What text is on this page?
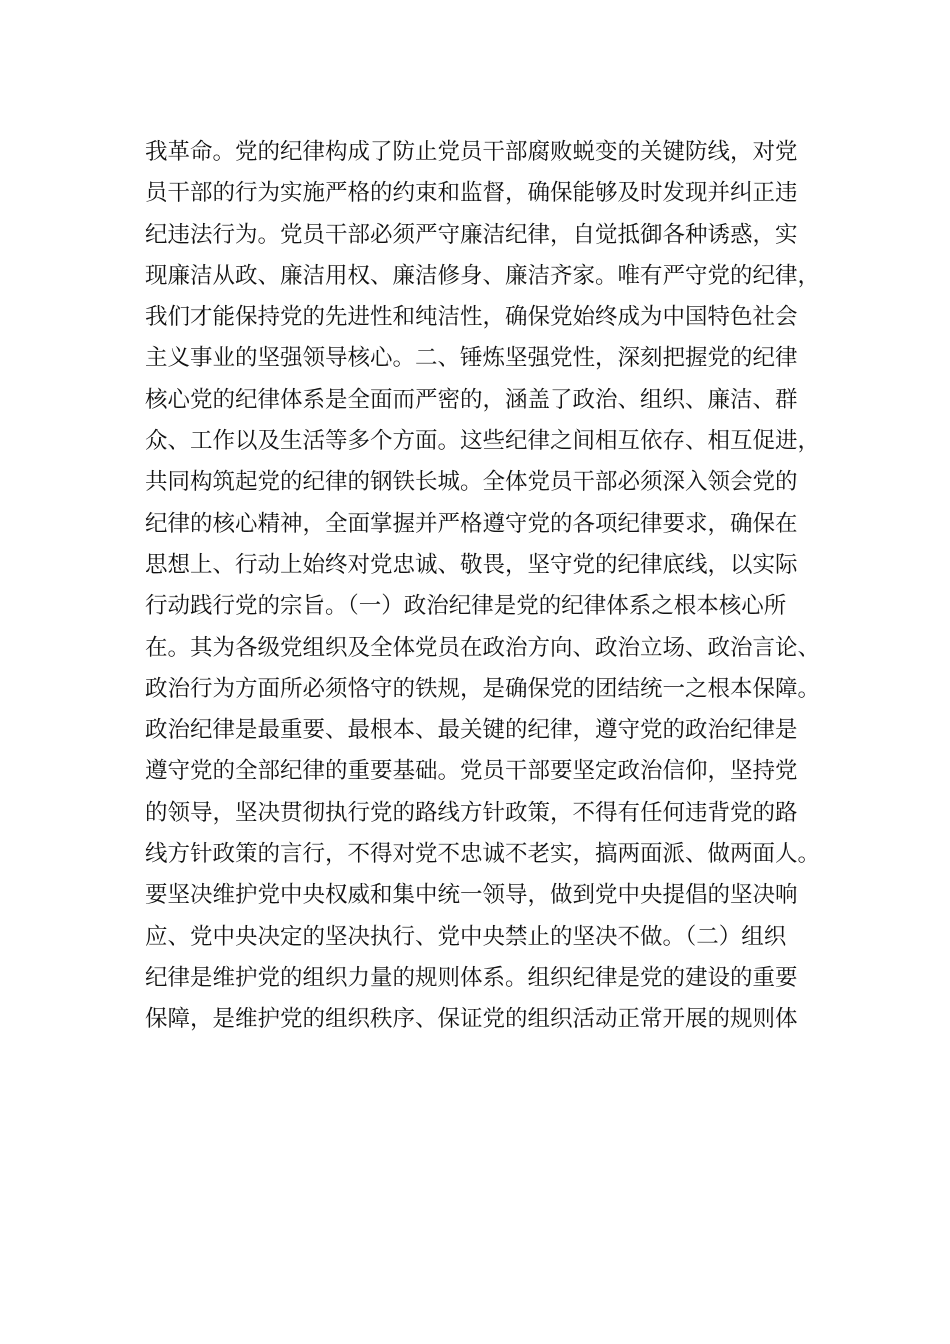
我革命。党的纪律构成了防止党员干部腐败蜕变的关键防线，对党
员干部的行为实施严格的约束和监督，确保能够及时发现并纠正违
纪违法行为。党员干部必须严守廉洁纪律，自觉抵御各种诱惑，实
现廉洁从政、廉洁用权、廉洁修身、廉洁齐家。唯有严守党的纪律，
我们才能保持党的先进性和纯洁性，确保党始终成为中国特色社会
主义事业的坚强领导核心。二、锤炼坚强党性，深刻把握党的纪律
核心党的纪律体系是全面而严密的，涵盖了政治、组织、廉洁、群
众、工作以及生活等多个方面。这些纪律之间相互依存、相互促进，
共同构筑起党的纪律的钢铁长城。全体党员干部必须深入领会党的
纪律的核心精神，全面掌握并严格遵守党的各项纪律要求，确保在
思想上、行动上始终对党忠诚、敬畏，坚守党的纪律底线，以实际
行动践行党的宗旨。（一）政治纪律是党的纪律体系之根本核心所
在。其为各级党组织及全体党员在政治方向、政治立场、政治言论、
政治行为方面所必须恪守的铁规，是确保党的团结统一之根本保障。
政治纪律是最重要、最根本、最关键的纪律，遵守党的政治纪律是
遵守党的全部纪律的重要基础。党员干部要坚定政治信仰，坚持党
的领导，坚决贯彻执行党的路线方针政策，不得有任何违背党的路
线方针政策的言行，不得对党不忠诚不老实，搞两面派、做两面人。
要坚决维护党中央权威和集中统一领导，做到党中央提倡的坚决响
应、党中央决定的坚决执行、党中央禁止的坚决不做。（二）组织
纪律是维护党的组织力量的规则体系。组织纪律是党的建设的重要
保障，是维护党的组织秩序、保证党的组织活动正常开展的规则体
